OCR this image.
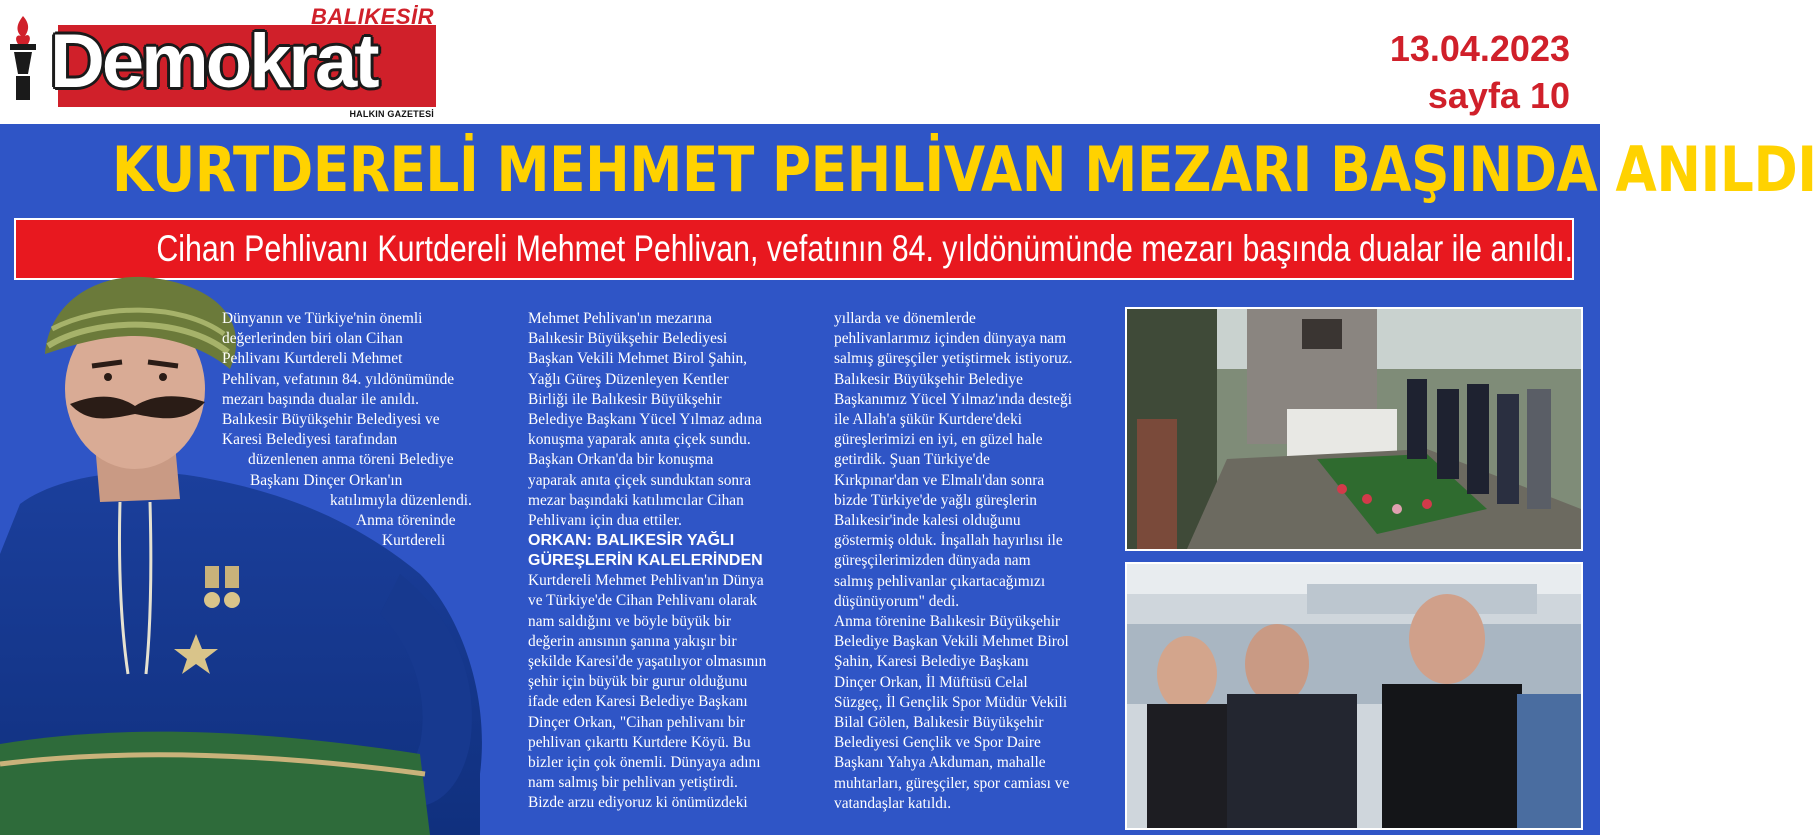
BALIKESİR
Demokrat
HALKIN GAZETESİ
13.04.2023
sayfa 10
KURTDERELİ MEHMET PEHLİVAN MEZARI BAŞINDA ANILDI
Cihan Pehlivanı Kurtdereli Mehmet Pehlivan, vefatının 84. yıldönümünde mezarı başında dualar ile anıldı.

Dünyanın ve Türkiye'nin önemli

değerlerinden biri olan Cihan

Pehlivanı Kurtdereli Mehmet

Pehlivan, vefatının 84. yıldönümünde

mezarı başında dualar ile anıldı.

Balıkesir Büyükşehir Belediyesi ve

Karesi Belediyesi tarafından

düzenlenen anma töreni Belediye

Başkanı Dinçer Orkan'ın

katılımıyla düzenlendi.

Anma töreninde

Kurtdereli

Mehmet Pehlivan'ın mezarına

Balıkesir Büyükşehir Belediyesi

Başkan Vekili Mehmet Birol Şahin,

Yağlı Güreş Düzenleyen Kentler

Birliği ile Balıkesir Büyükşehir

Belediye Başkanı Yücel Yılmaz adına

konuşma yaparak anıta çiçek sundu.

Başkan Orkan'da bir konuşma

yaparak anıta çiçek sunduktan sonra

mezar başındaki katılımcılar Cihan

Pehlivanı için dua ettiler.

ORKAN: BALIKESİR YAĞLI GÜREŞLERİN KALELERİNDEN

Kurtdereli Mehmet Pehlivan'ın Dünya

ve Türkiye'de Cihan Pehlivanı olarak

nam saldığını ve böyle büyük bir

değerin anısının şanına yakışır bir

şekilde Karesi'de yaşatılıyor olmasının

şehir için büyük bir gurur olduğunu

ifade eden Karesi Belediye Başkanı

Dinçer Orkan, "Cihan pehlivanı bir

pehlivan çıkarttı Kurtdere Köyü. Bu

bizler için çok önemli. Dünyaya adını

nam salmış bir pehlivan yetiştirdi.

Bizde arzu ediyoruz ki önümüzdeki

yıllarda ve dönemlerde

pehlivanlarımız içinden dünyaya nam

salmış güreşçiler yetiştirmek istiyoruz.

Balıkesir Büyükşehir Belediye

Başkanımız Yücel Yılmaz'ında desteği

ile Allah'a şükür Kurtdere'deki

güreşlerimizi en iyi, en güzel hale

getirdik. Şuan Türkiye'de

Kırkpınar'dan ve Elmalı'dan sonra

bizde Türkiye'de yağlı güreşlerin

Balıkesir'inde kalesi olduğunu

göstermiş olduk. İnşallah hayırlısı ile

güreşçilerimizden dünyada nam

salmış pehlivanlar çıkartacağımızı

düşünüyorum" dedi.

Anma törenine Balıkesir Büyükşehir

Belediye Başkan Vekili Mehmet Birol

Şahin, Karesi Belediye Başkanı

Dinçer Orkan, İl Müftüsü Celal

Süzgeç, İl Gençlik Spor Müdür Vekili

Bilal Gölen, Balıkesir Büyükşehir

Belediyesi Gençlik ve Spor Daire

Başkanı Yahya Akduman, mahalle

muhtarları, güreşçiler, spor camiası ve

vatandaşlar katıldı.
